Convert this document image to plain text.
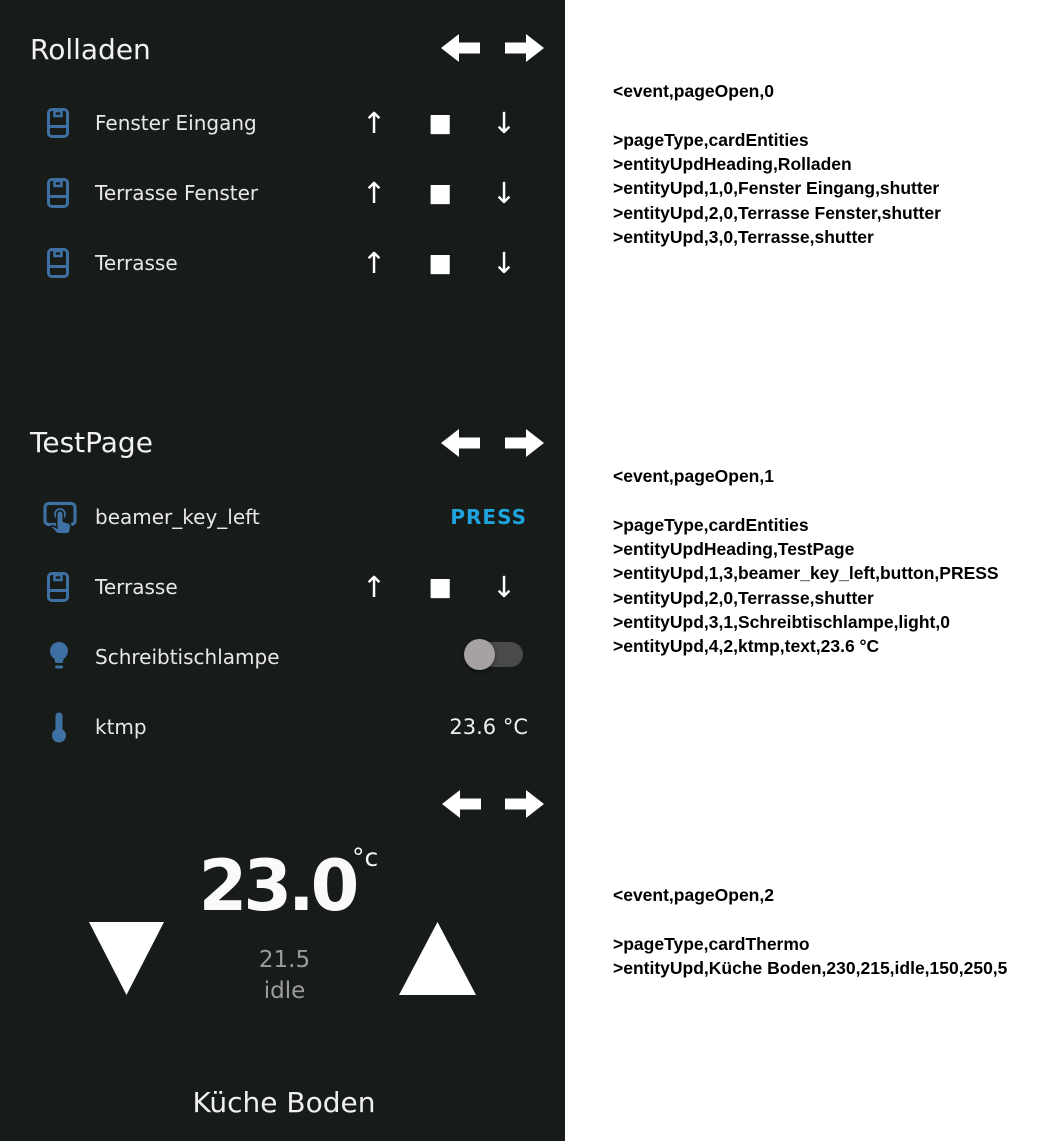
Rolladen
Fenster Eingang	↑	■ ↓
Terrasse Fenster	↑	■ ↓
Terrasse	↑	■ ↓
TestPage
beamer_key_left	PRESS
Terrasse	↑	■ ↓
Schreibtischlampe
ktmp	23.6 °C
23.0
°c
21.5
idle
Küche Boden
<event,pageOpen,0
>pageType,cardEntities
>entityUpdHeading,Rolladen
>entityUpd,1,0,Fenster Eingang,shutter
>entityUpd,2,0,Terrasse Fenster,shutter
>entityUpd,3,0,Terrasse,shutter
<event,pageOpen,1
>pageType,cardEntities
>entityUpdHeading,TestPage
>entityUpd,1,3,beamer_key_left,button,PRESS
>entityUpd,2,0,Terrasse,shutter
>entityUpd,3,1,Schreibtischlampe,light,0
>entityUpd,4,2,ktmp,text,23.6 °C
<event,pageOpen,2
>pageType,cardThermo
>entityUpd,Küche Boden,230,215,idle,150,250,5
